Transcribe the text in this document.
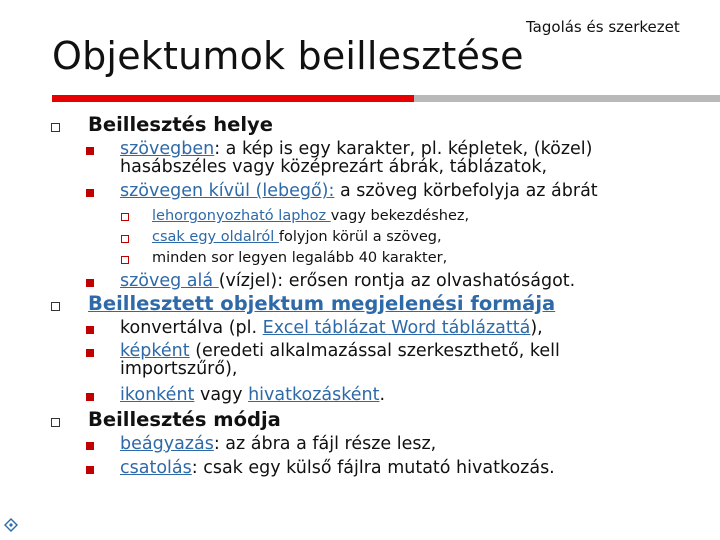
Tagolás és szerkezet

Objektumok beillesztése

Beillesztés helye

szövegben: a kép is egy karakter, pl. képletek, (közel)

hasábszéles vagy középrezárt ábrák, táblázatok,

szövegen kívül (lebegő): a szöveg körbefolyja az ábrát

lehorgonyozható laphoz vagy bekezdéshez,

csak egy oldalról folyjon körül a szöveg,

minden sor legyen legalább 40 karakter,

szöveg alá (vízjel): erősen rontja az olvashatóságot.

Beillesztett objektum megjelenési formája

konvertálva (pl. Excel táblázat Word táblázattá),

képként (eredeti alkalmazással szerkeszthető, kell

importszűrő),

ikonként vagy hivatkozásként.

Beillesztés módja

beágyazás: az ábra a fájl része lesz,

csatolás: csak egy külső fájlra mutató hivatkozás.
